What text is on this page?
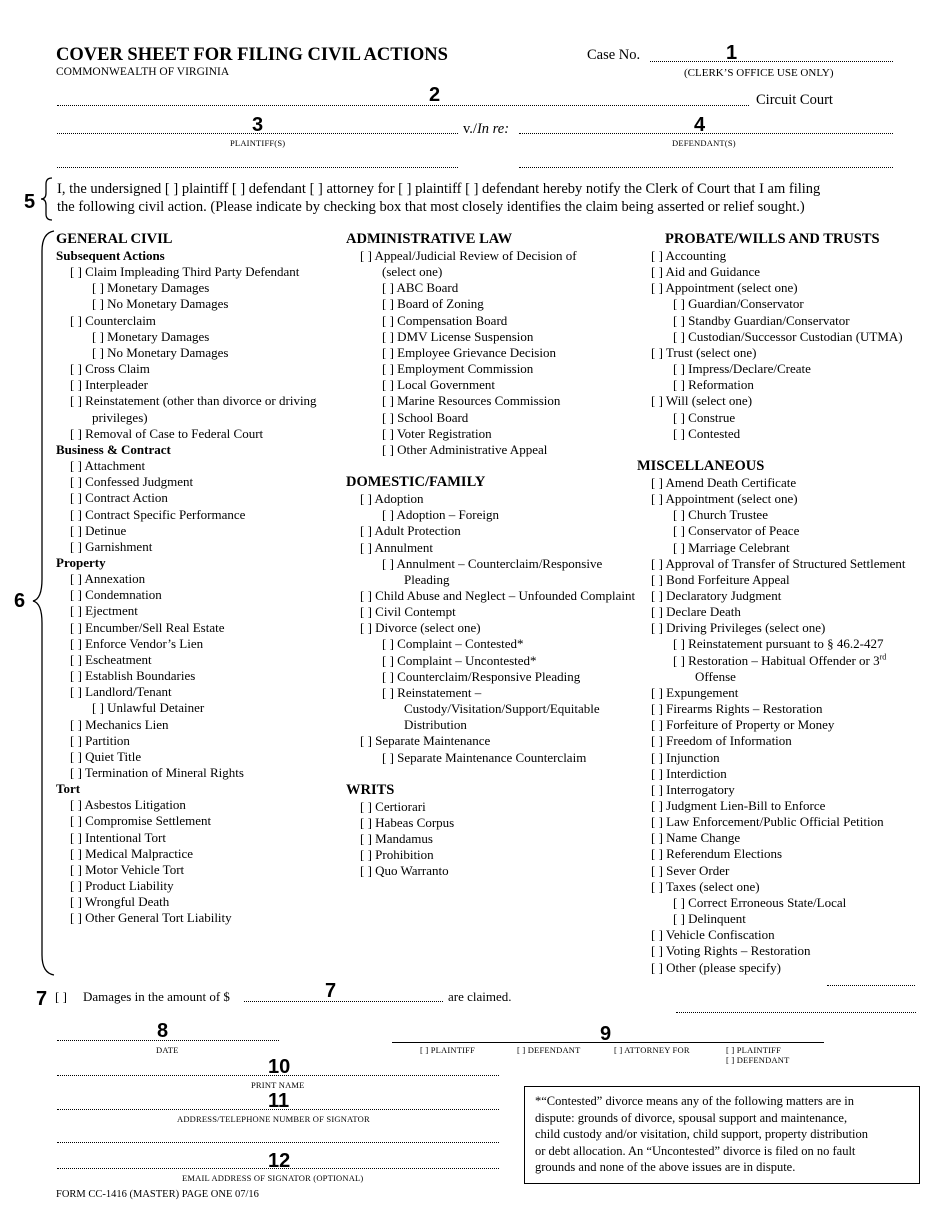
COVER SHEET FOR FILING CIVIL ACTIONS
COMMONWEALTH OF VIRGINIA
Case No.	1
(CLERK’S OFFICE USE ONLY)
2	Circuit Court
3	v./In re:	4
PLAINTIFF(S)	DEFENDANT(S)
5
I, the undersigned [ ] plaintiff [ ] defendant [ ] attorney for [ ] plaintiff [ ] defendant hereby notify the Clerk of Court that I am filing
the following civil action. (Please indicate by checking box that most closely identifies the claim being asserted or relief sought.)
6
GENERAL CIVIL
Subsequent Actions
[ ] Claim Impleading Third Party Defendant
[ ] Monetary Damages
[ ] No Monetary Damages
[ ] Counterclaim
[ ] Monetary Damages
[ ] No Monetary Damages
[ ] Cross Claim
[ ] Interpleader
[ ] Reinstatement (other than divorce or driving privileges)
[ ] Removal of Case to Federal Court
Business & Contract
[ ] Attachment
[ ] Confessed Judgment
[ ] Contract Action
[ ] Contract Specific Performance
[ ] Detinue
[ ] Garnishment
Property
[ ] Annexation
[ ] Condemnation
[ ] Ejectment
[ ] Encumber/Sell Real Estate
[ ] Enforce Vendor’s Lien
[ ] Escheatment
[ ] Establish Boundaries
[ ] Landlord/Tenant
[ ] Unlawful Detainer
[ ] Mechanics Lien
[ ] Partition
[ ] Quiet Title
[ ] Termination of Mineral Rights
Tort
[ ] Asbestos Litigation
[ ] Compromise Settlement
[ ] Intentional Tort
[ ] Medical Malpractice
[ ] Motor Vehicle Tort
[ ] Product Liability
[ ] Wrongful Death
[ ] Other General Tort Liability
ADMINISTRATIVE LAW
[ ] Appeal/Judicial Review of Decision of
(select one)
[ ] ABC Board
[ ] Board of Zoning
[ ] Compensation Board
[ ] DMV License Suspension
[ ] Employee Grievance Decision
[ ] Employment Commission
[ ] Local Government
[ ] Marine Resources Commission
[ ] School Board
[ ] Voter Registration
[ ] Other Administrative Appeal
DOMESTIC/FAMILY
[ ] Adoption
[ ] Adoption – Foreign
[ ] Adult Protection
[ ] Annulment
[ ] Annulment – Counterclaim/Responsive Pleading
[ ] Child Abuse and Neglect – Unfounded Complaint
[ ] Civil Contempt
[ ] Divorce (select one)
[ ] Complaint – Contested*
[ ] Complaint – Uncontested*
[ ] Counterclaim/Responsive Pleading
[ ] Reinstatement – Custody/Visitation/Support/Equitable Distribution
[ ] Separate Maintenance
[ ] Separate Maintenance Counterclaim
WRITS
[ ] Certiorari
[ ] Habeas Corpus
[ ] Mandamus
[ ] Prohibition
[ ] Quo Warranto
PROBATE/WILLS AND TRUSTS
[ ] Accounting
[ ] Aid and Guidance
[ ] Appointment (select one)
[ ] Guardian/Conservator
[ ] Standby Guardian/Conservator
[ ] Custodian/Successor Custodian (UTMA)
[ ] Trust (select one)
[ ] Impress/Declare/Create
[ ] Reformation
[ ] Will (select one)
[ ] Construe
[ ] Contested
MISCELLANEOUS
[ ] Amend Death Certificate
[ ] Appointment (select one)
[ ] Church Trustee
[ ] Conservator of Peace
[ ] Marriage Celebrant
[ ] Approval of Transfer of Structured Settlement
[ ] Bond Forfeiture Appeal
[ ] Declaratory Judgment
[ ] Declare Death
[ ] Driving Privileges (select one)
[ ] Reinstatement pursuant to § 46.2-427
[ ] Restoration – Habitual Offender or 3rd
Offense
[ ] Expungement
[ ] Firearms Rights – Restoration
[ ] Forfeiture of Property or Money
[ ] Freedom of Information
[ ] Injunction
[ ] Interdiction
[ ] Interrogatory
[ ] Judgment Lien-Bill to Enforce
[ ] Law Enforcement/Public Official Petition
[ ] Name Change
[ ] Referendum Elections
[ ] Sever Order
[ ] Taxes (select one)
[ ] Correct Erroneous State/Local
[ ] Delinquent
[ ] Vehicle Confiscation
[ ] Voting Rights – Restoration
[ ] Other (please specify)
7 [ ] Damages in the amount of $	7	are claimed.
8
DATE
9
[ ] PLAINTIFF	[ ] DEFENDANT	[ ] ATTORNEY FOR	[ ] PLAINTIFF
[ ] DEFENDANT
10
PRINT NAME
11
ADDRESS/TELEPHONE NUMBER OF SIGNATOR
12
EMAIL ADDRESS OF SIGNATOR (OPTIONAL)
*“Contested” divorce means any of the following matters are in
dispute: grounds of divorce, spousal support and maintenance,
child custody and/or visitation, child support, property distribution
or debt allocation. An “Uncontested” divorce is filed on no fault
grounds and none of the above issues are in dispute.
FORM CC-1416 (MASTER) PAGE ONE 07/16
